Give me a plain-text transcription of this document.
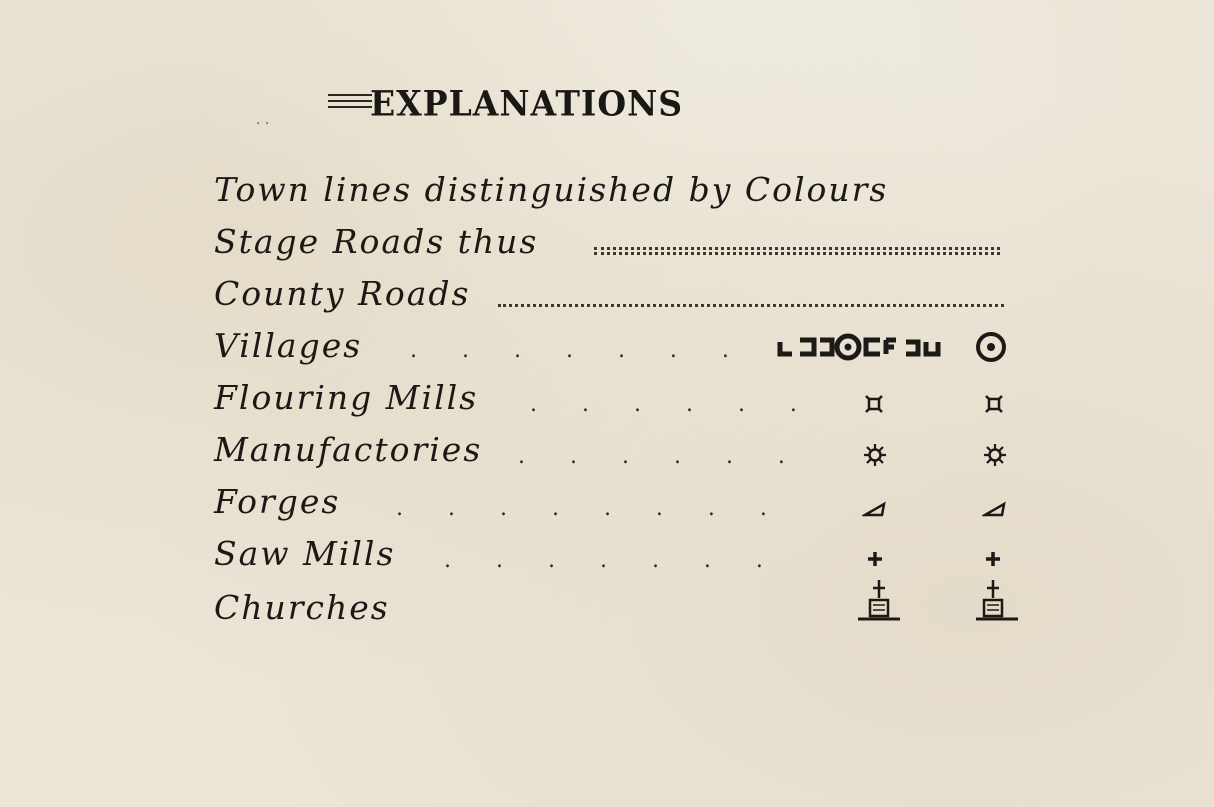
EXPLANATIONS
. .
Town lines distinguished by Colours
Stage Roads thus
County Roads
Villages . . . . . . .
Flouring Mills . . . . . .
Manufactories . . . . . .
Forges	. . . . . . . .
Saw Mills . . . . . . .
Churches
